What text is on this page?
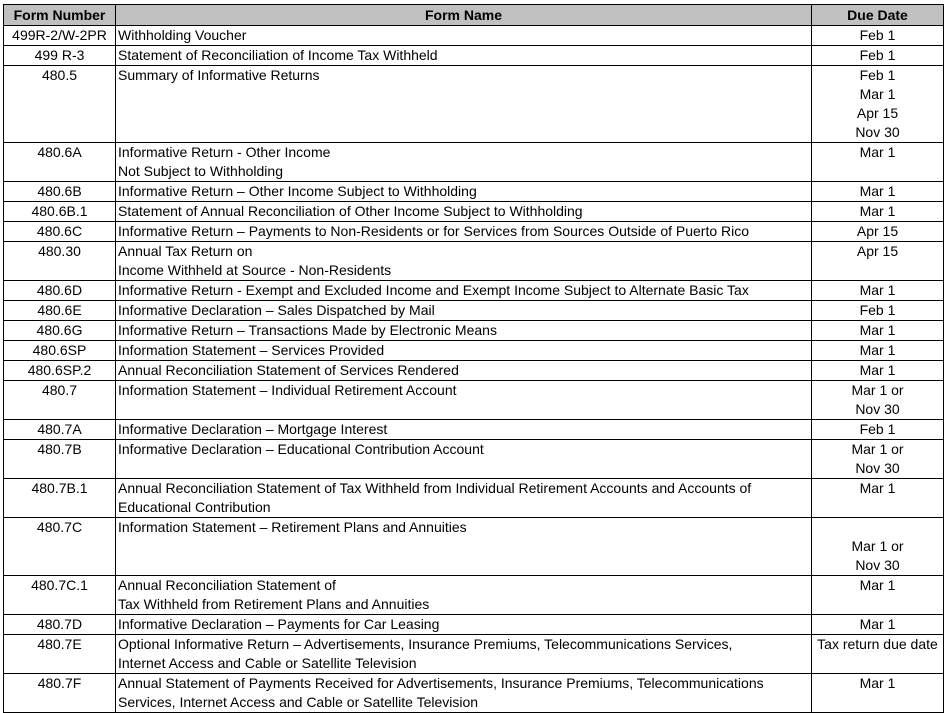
Form Number	Form Name	Due Date
499R-2/W-2PR	Withholding Voucher	Feb 1

499 R-3	Statement of Reconciliation of Income Tax Withheld	Feb 1

480.5	Summary of Informative Returns	Feb 1
Mar 1
Apr 15
Nov 30

480.6A	Informative Return - Other Income
Not Subject to Withholding	Mar 1

480.6B	Informative Return – Other Income Subject to Withholding	Mar 1

480.6B.1	Statement of Annual Reconciliation of Other Income Subject to Withholding	Mar 1

480.6C	Informative Return – Payments to Non-Residents or for Services from Sources Outside of Puerto Rico	Apr 15

480.30	Annual Tax Return on
Income Withheld at Source - Non-Residents	Apr 15

480.6D	Informative Return - Exempt and Excluded Income and Exempt Income Subject to Alternate Basic Tax	Mar 1

480.6E	Informative Declaration – Sales Dispatched by Mail	Feb 1

480.6G	Informative Return – Transactions Made by Electronic Means	Mar 1

480.6SP	Information Statement – Services Provided	Mar 1

480.6SP.2	Annual Reconciliation Statement of Services Rendered	Mar 1

480.7	Information Statement – Individual Retirement Account	Mar 1 or
Nov 30

480.7A	Informative Declaration – Mortgage Interest	Feb 1

480.7B	Informative Declaration – Educational Contribution Account	Mar 1 or
Nov 30

480.7B.1	Annual Reconciliation Statement of Tax Withheld from Individual Retirement Accounts and Accounts of
Educational Contribution	Mar 1

480.7C	Information Statement – Retirement Plans and Annuities	Mar 1 or
Nov 30

480.7C.1	Annual Reconciliation Statement of
Tax Withheld from Retirement Plans and Annuities	Mar 1

480.7D	Informative Declaration – Payments for Car Leasing	Mar 1

480.7E	Optional Informative Return – Advertisements, Insurance Premiums, Telecommunications Services,
Internet Access and Cable or Satellite Television	Tax return due date

480.7F	Annual Statement of Payments Received for Advertisements, Insurance Premiums, Telecommunications
Services, Internet Access and Cable or Satellite Television	Mar 1
